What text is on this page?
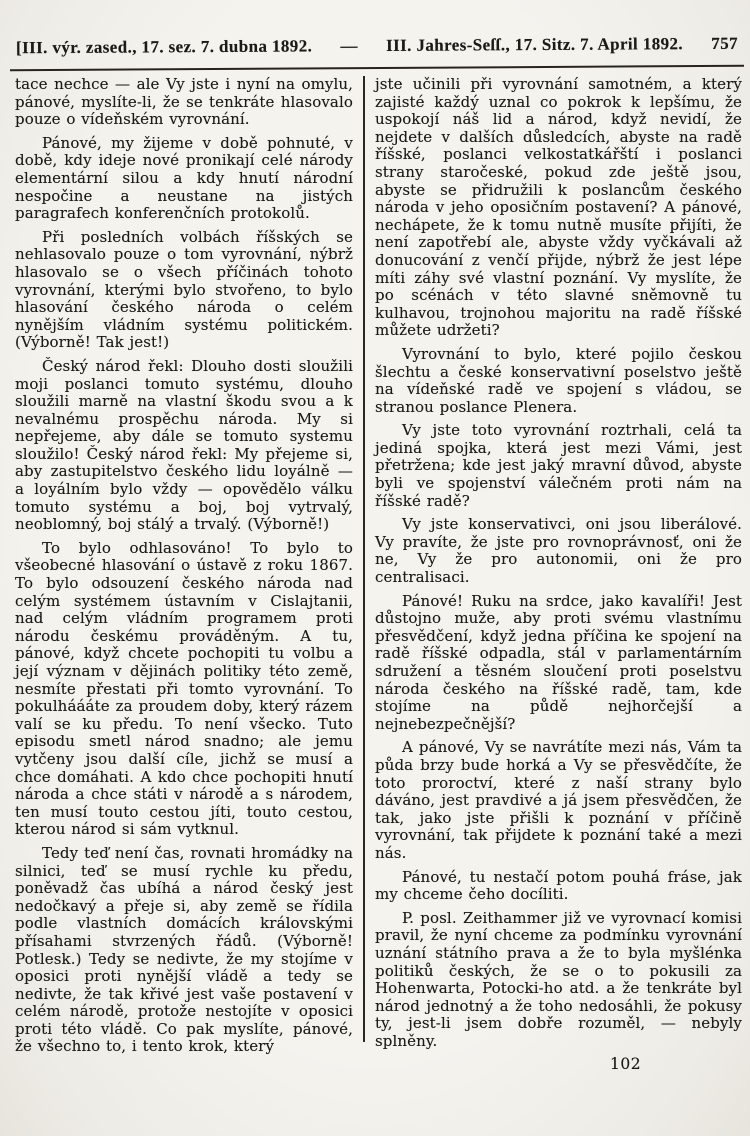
[III. výr. zased., 17. sez. 7. dubna 1892. — III. Jahres-Seſſ., 17. Sitz. 7. April 1892. 757

tace nechce — ale Vy jste i nyní na omylu, pánové, myslíte-li, že se tenkráte hlasovalo pouze o vídeňském vyrovnání.

Pánové, my žijeme v době pohnuté, v době, kdy ideje nové pronikají celé národy elementární silou a kdy hnutí národní nespočine a neustane na jistých paragrafech konferenčních protokolů.

Při posledních volbách říšských se nehlasovalo pouze o tom vyrovnání, nýbrž hlasovalo se o všech příčinách tohoto vyrovnání, kterými bylo stvořeno, to bylo hlasování českého národa o celém nynějším vládním systému politickém. (Výborně! Tak jest!)

Český národ řekl: Dlouho dosti sloužili moji poslanci tomuto systému, dlouho sloužili marně na vlastní škodu svou a k nevalnému prospěchu národa. My si nepřejeme, aby dále se tomuto systemu sloužilo! Český národ řekl: My přejeme si, aby zastupitelstvo českého lidu loyálně — a loyálním bylo vždy — opovědělo válku tomuto systému a boj, boj vytrvalý, neoblomný, boj stálý a trvalý. (Výborně!)

To bylo odhlasováno! To bylo to všeobecné hlasování o ústavě z roku 1867. To bylo odsouzení českého národa nad celým systémem ústavním v Cislajtanii, nad celým vládním programem proti národu českému prováděným. A tu, pánové, když chcete pochopiti tu volbu a její význam v dějinách politiky této země, nesmíte přestati při tomto vyrovnání. To pokulháááte za proudem doby, který rázem valí se ku předu. To není všecko. Tuto episodu smetl národ snadno; ale jemu vytčeny jsou další cíle, jichž se musí a chce domáhati. A kdo chce pochopiti hnutí národa a chce státi v národě a s národem, ten musí touto cestou jíti, touto cestou, kterou národ si sám vytknul.

Tedy teď není čas, rovnati hromádky na silnici, teď se musí rychle ku předu, poněvadž čas ubíhá a národ český jest nedočkavý a přeje si, aby země se řídila podle vlastních domácích královskými přísahami stvrzených řádů. (Výborně! Potlesk.) Tedy se nedivte, že my stojíme v oposici proti nynější vládě a tedy se nedivte, že tak křivé jest vaše postavení v celém národě, protože nestojíte v oposici proti této vládě. Co pak myslíte, pánové, že všechno to, i tento krok, který

jste učinili při vyrovnání samotném, a který zajisté každý uznal co pokrok k lepšímu, že uspokojí náš lid a národ, když nevidí, že nejdete v dalších důsledcích, abyste na radě říšské, poslanci velkostatkářští i poslanci strany staročeské, pokud zde ještě jsou, abyste se přidružili k poslancům českého národa v jeho oposičním postavení? A pánové, nechápete, že k tomu nutně musíte přijíti, že není zapotřebí ale, abyste vždy vyčkávali až donucování z venčí přijde, nýbrž že jest lépe míti záhy své vlastní poznání. Vy myslíte, že po scénách v této slavné sněmovně tu kulhavou, trojnohou majoritu na radě říšské můžete udržeti?

Vyrovnání to bylo, které pojilo českou šlechtu a české konservativní poselstvo ještě na vídeňské radě ve spojení s vládou, se stranou poslance Plenera.

Vy jste toto vyrovnání roztrhali, celá ta jediná spojka, která jest mezi Vámi, jest přetržena; kde jest jaký mravní důvod, abyste byli ve spojenství válečném proti nám na říšské radě?

Vy jste konservativci, oni jsou liberálové. Vy pravíte, že jste pro rovnoprávnosť, oni že ne, Vy že pro autonomii, oni že pro centralisaci.

Pánové! Ruku na srdce, jako kavalíři! Jest důstojno muže, aby proti svému vlastnímu přesvědčení, když jedna příčina ke spojení na radě říšské odpadla, stál v parlamentárním sdružení a těsném sloučení proti poselstvu národa českého na říšské radě, tam, kde stojíme na půdě nejhorčejší a nejnebezpečnější?

A pánové, Vy se navrátíte mezi nás, Vám ta půda brzy bude horká a Vy se přesvědčíte, že toto proroctví, které z naší strany bylo dáváno, jest pravdivé a já jsem přesvědčen, že tak, jako jste přišli k poznání v příčině vyrovnání, tak přijdete k poznání také a mezi nás.

Pánové, tu nestačí potom pouhá fráse, jak my chceme čeho docíliti.

P. posl. Zeithammer již ve vyrovnací komisi pravil, že nyní chceme za podmínku vyrovnání uznání státního prava a že to byla myšlénka politiků českých, že se o to pokusili za Hohenwarta, Potocki-ho atd. a že tenkráte byl národ jednotný a že toho nedosáhli, že pokusy ty, jest-li jsem dobře rozuměl, — nebyly splněny.

102
